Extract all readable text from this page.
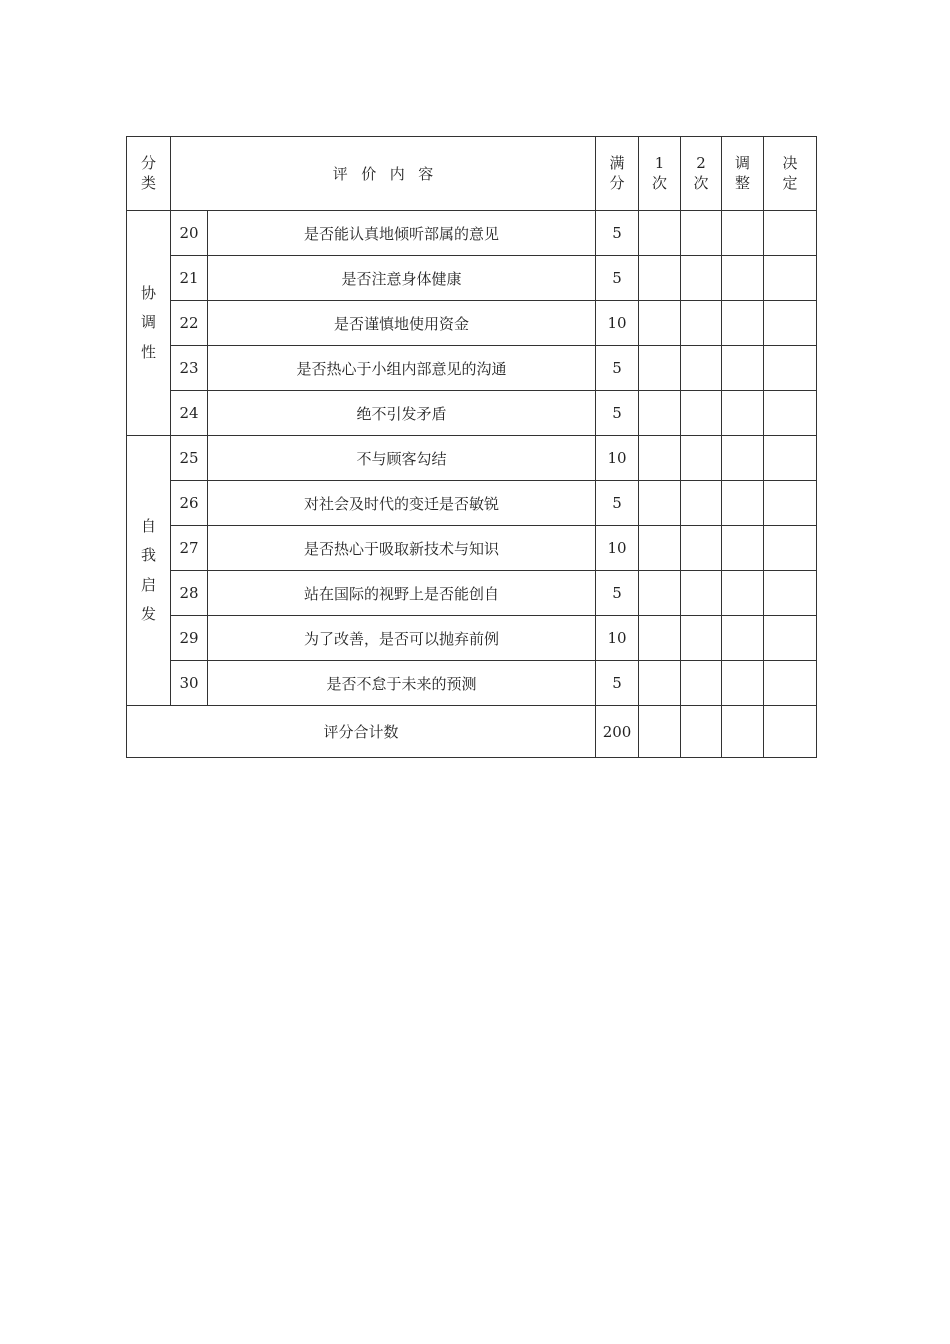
分类	评价内容		满分	1次	2次	调整	决定
协调性	20	是否能认真地倾听部属的意见	5				
	21	是否注意身体健康	5				
	22	是否谨慎地使用资金	10				
	23	是否热心于小组内部意见的沟通	5				
	24	绝不引发矛盾	5				
自我启发	25	不与顾客勾结	10				
	26	对社会及时代的变迁是否敏锐	5				
	27	是否热心于吸取新技术与知识	10				
	28	站在国际的视野上是否能创自	5				
	29	为了改善，是否可以抛弃前例	10				
	30	是否不怠于未来的预测	5				
评分合计数			200				
